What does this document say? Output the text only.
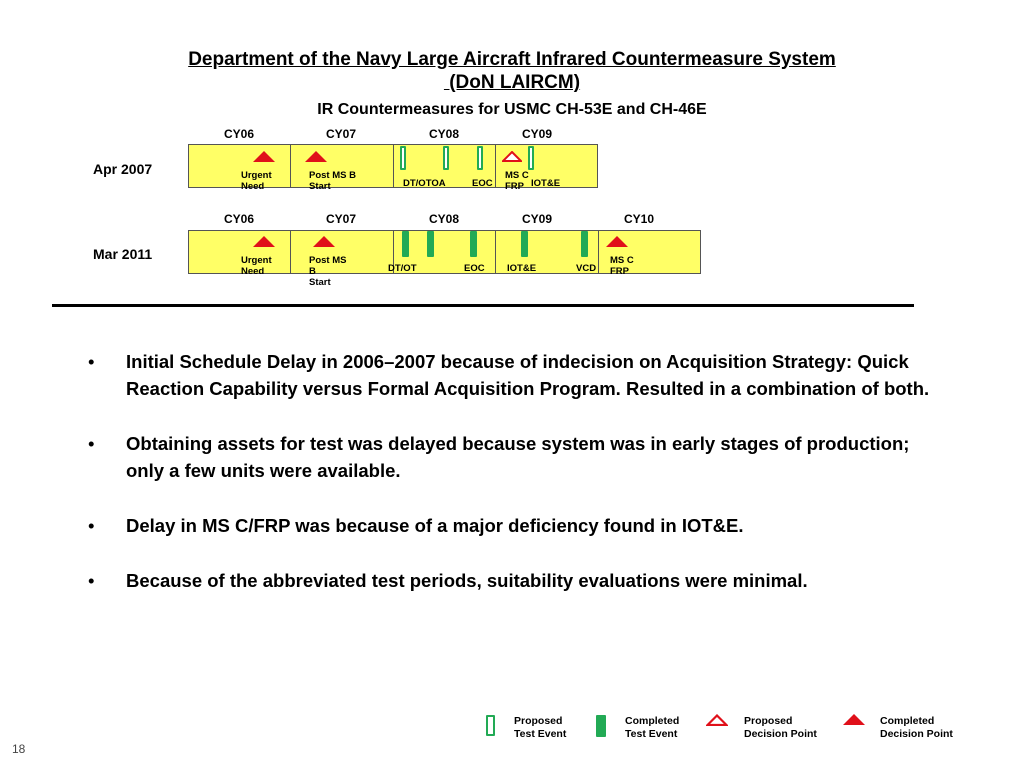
Department of the Navy Large Aircraft Infrared Countermeasure System
(DoN LAIRCM)
IR Countermeasures for USMC CH-53E and CH-46E
CY06	CY07	CY08	CY09
Apr 2007	Urgent
Need
Post MS B
Start	DT/OTOA	EOC
MS C
FRP IOT&E
CY06	CY07	CY08	CY09	CY10
Mar 2011	Urgent
Need
Post MS
B
Start
DT/OT	EOC IOT&E	VCD
MS C
FRP
• Initial Schedule Delay in 2006–2007 because of indecision on Acquisition Strategy: Quick Reaction Capability versus Formal Acquisition Program. Resulted in a combination of both.
• Obtaining assets for test was delayed because system was in early stages of production; only a few units were available.
• Delay in MS C/FRP was because of a major deficiency found in IOT&E.
• Because of the abbreviated test periods, suitability evaluations were minimal.
Proposed
Test Event
Completed
Test Event
Proposed
Decision Point
Completed
Decision Point
18
